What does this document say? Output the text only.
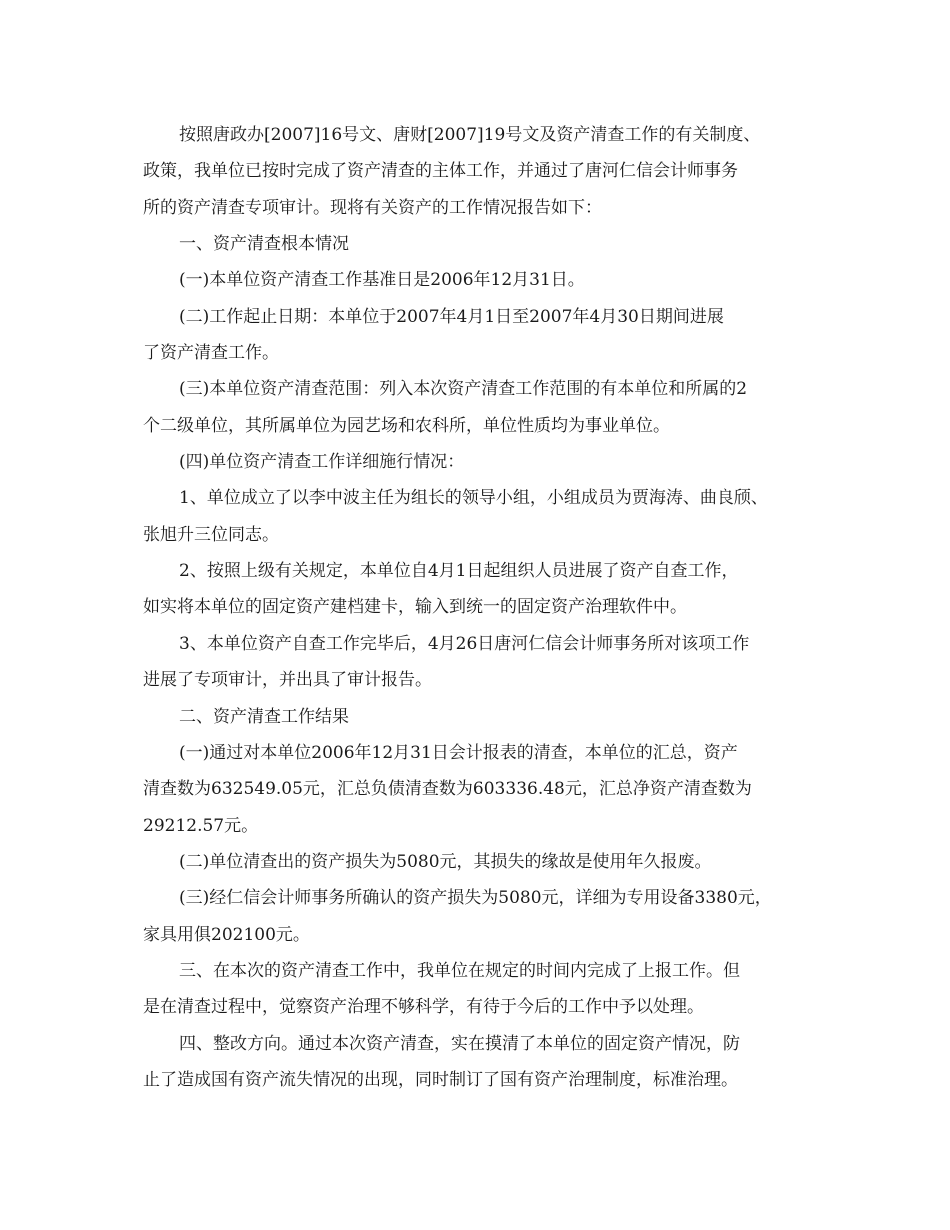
按照唐政办[2007]16号文、唐财[2007]19号文及资产清查工作的有关制度、

政策，我单位已按时完成了资产清查的主体工作，并通过了唐河仁信会计师事务

所的资产清查专项审计。现将有关资产的工作情况报告如下：

一、资产清查根本情况

(一)本单位资产清查工作基准日是2006年12月31日。

(二)工作起止日期：本单位于2007年4月1日至2007年4月30日期间进展

了资产清查工作。

(三)本单位资产清查范围：列入本次资产清查工作范围的有本单位和所属的2

个二级单位，其所属单位为园艺场和农科所，单位性质均为事业单位。

(四)单位资产清查工作详细施行情况：

1、单位成立了以李中波主任为组长的领导小组，小组成员为贾海涛、曲良颀、

张旭升三位同志。

2、按照上级有关规定，本单位自4月1日起组织人员进展了资产自查工作，

如实将本单位的固定资产建档建卡，输入到统一的固定资产治理软件中。

3、本单位资产自查工作完毕后，4月26日唐河仁信会计师事务所对该项工作

进展了专项审计，并出具了审计报告。

二、资产清查工作结果

(一)通过对本单位2006年12月31日会计报表的清查，本单位的汇总，资产

清查数为632549.05元，汇总负债清查数为603336.48元，汇总净资产清查数为

29212.57元。

(二)单位清查出的资产损失为5080元，其损失的缘故是使用年久报废。

(三)经仁信会计师事务所确认的资产损失为5080元，详细为专用设备3380元，

家具用俱202100元。

三、在本次的资产清查工作中，我单位在规定的时间内完成了上报工作。但

是在清查过程中，觉察资产治理不够科学，有待于今后的工作中予以处理。

四、整改方向。通过本次资产清查，实在摸清了本单位的固定资产情况，防

止了造成国有资产流失情况的出现，同时制订了国有资产治理制度，标准治理。
